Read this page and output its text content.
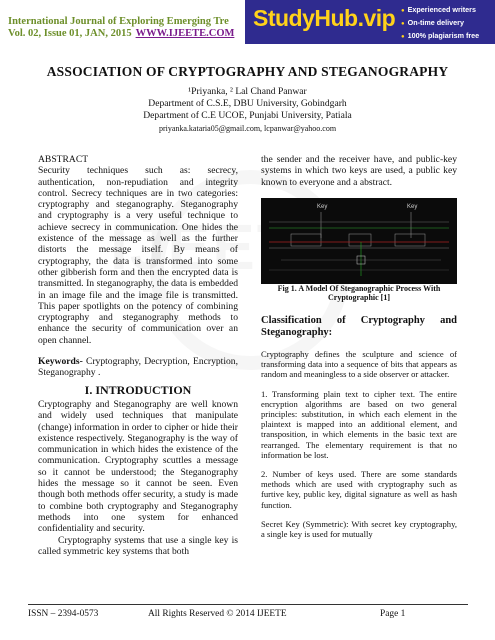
International Journal of Exploring Emerging Tre
Vol. 02, Issue 01, JAN, 2015 WWW.IJEETE.COM
StudyHub.vip
●	Experienced writers
● On-time delivery
● 100% plagiarism free
ASSOCIATION OF CRYPTOGRAPHY AND STEGANOGRAPHY
¹Priyanka, ² Lal Chand Panwar
Department of C.S.E, DBU University, Gobindgarh
Department of C.E UCOE, Punjabi University, Patiala
priyanka.kataria05@gmail.com, lcpanwar@yahoo.com

ABSTRACT

Security techniques such as: secrecy, authentication, non-repudiation and integrity control. Secrecy techniques are in two categories: cryptography and steganography. Steganography and cryptography is a very useful technique to achieve secrecy in communication. One hides the existence of the message as well as the further distorts the message itself. By means of cryptography, the data is transformed into some other gibberish form and then the encrypted data is transmitted. In steganography, the data is embedded in an image file and the image file is transmitted. This paper spotlights on the potency of combining cryptography and steganography methods to enhance the security of communication over an open channel.

Keywords- Cryptography, Decryption, Encryption, Steganography .

I. INTRODUCTION

Cryptography and Steganography are well known and widely used techniques that manipulate (change) information in order to cipher or hide their existence respectively. Steganography is the way of communication in which hides the existence of the communication. Cryptography scuttles a message so it cannot be understood; the Steganography hides the message so it cannot be seen. Even though both methods offer security, a study is made to combine both cryptography and Steganography methods into one system for enhanced confidentiality and security.

Cryptography systems that use a single key is called symmetric key systems that both

the sender and the receiver have, and public-key systems in which two keys are used, a public key known to everyone and a abstract.

Key	Key

Fig 1. A Model Of Steganographic Process With Cryptographic [1]

Classification of Cryptography and Steganography:

Cryptography defines the sculpture and science of transforming data into a sequence of bits that appears as random and meaningless to a side observer or attacker.

1. Transforming plain text to cipher text. The entire encryption algorithms are based on two general principles: substitution, in which each element in the plaintext is mapped into an additional element, and transposition, in which elements in the basic text are rearranged. The elementary requirement is that no information be lost.

2. Number of keys used. There are some standards methods which are used with cryptography such as furtive key, public key, digital signature as well as hash function.

Secret Key (Symmetric): With secret key cryptography, a single key is used for mutually

ISSN – 2394-0573	All Rights Reserved © 2014 IJEETE	Page 1
